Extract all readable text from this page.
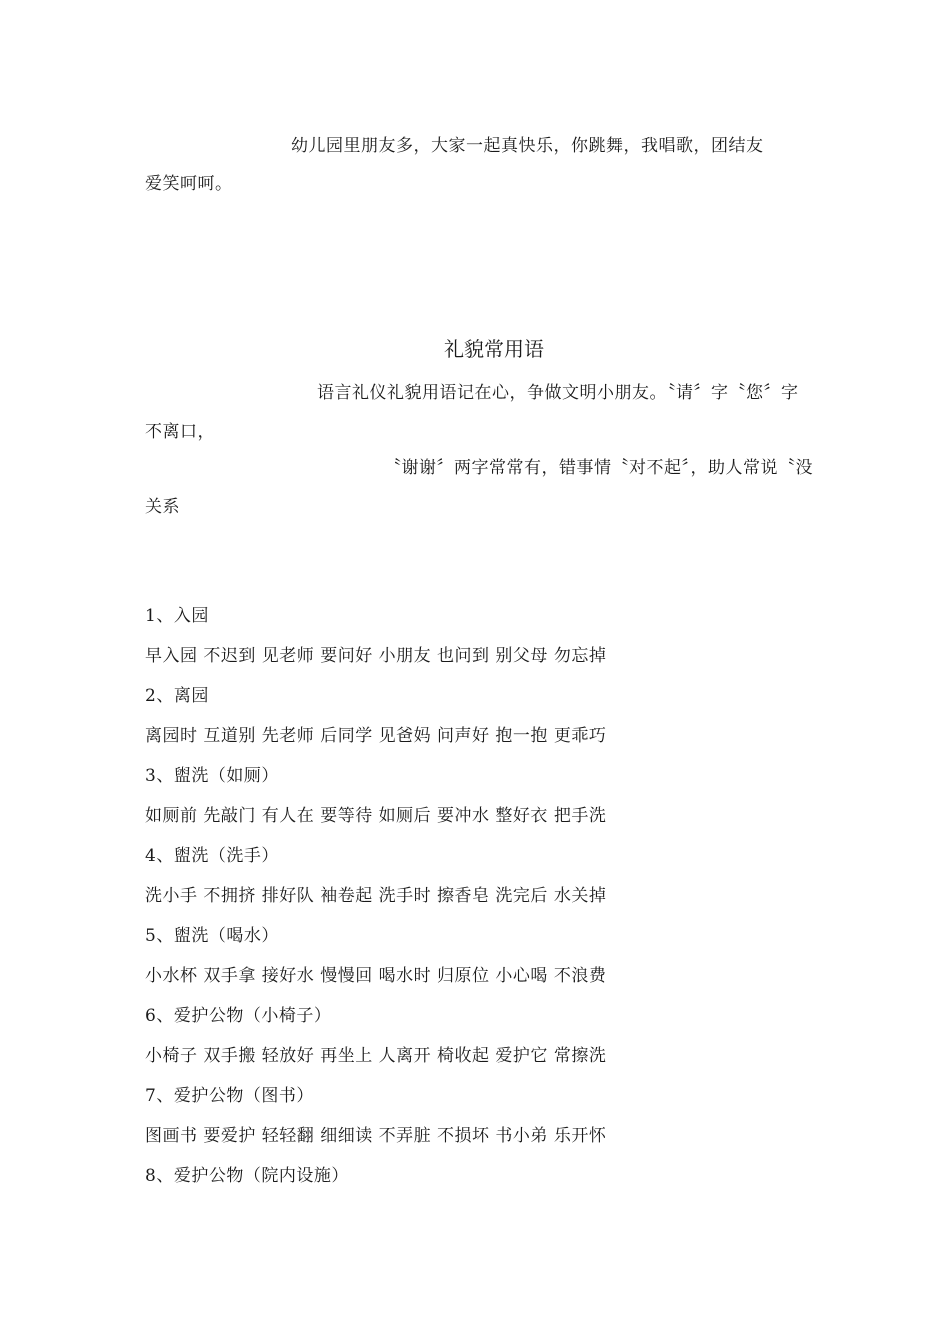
幼儿园里朋友多，大家一起真快乐，你跳舞，我唱歌，团结友
爱笑呵呵。
礼貌常用语
语言礼仪礼貌用语记在心，争做文明小朋友。〝请〞字〝您〞字
不离口，
〝谢谢〞两字常常有，错事情〝对不起〞，助人常说〝没
关系
1、入园
早入园 不迟到 见老师 要问好 小朋友 也问到 别父母 勿忘掉
2、离园
离园时 互道别 先老师 后同学 见爸妈 问声好 抱一抱 更乖巧
3、盥洗（如厕）
如厕前 先敲门 有人在 要等待 如厕后 要冲水 整好衣 把手洗
4、盥洗（洗手）
洗小手 不拥挤 排好队 袖卷起 洗手时 擦香皂 洗完后 水关掉
5、盥洗（喝水）
小水杯 双手拿 接好水 慢慢回 喝水时 归原位 小心喝 不浪费
6、爱护公物（小椅子）
小椅子 双手搬 轻放好 再坐上 人离开 椅收起 爱护它 常擦洗
7、爱护公物（图书）
图画书 要爱护 轻轻翻 细细读 不弄脏 不损坏 书小弟 乐开怀
8、爱护公物（院内设施）
